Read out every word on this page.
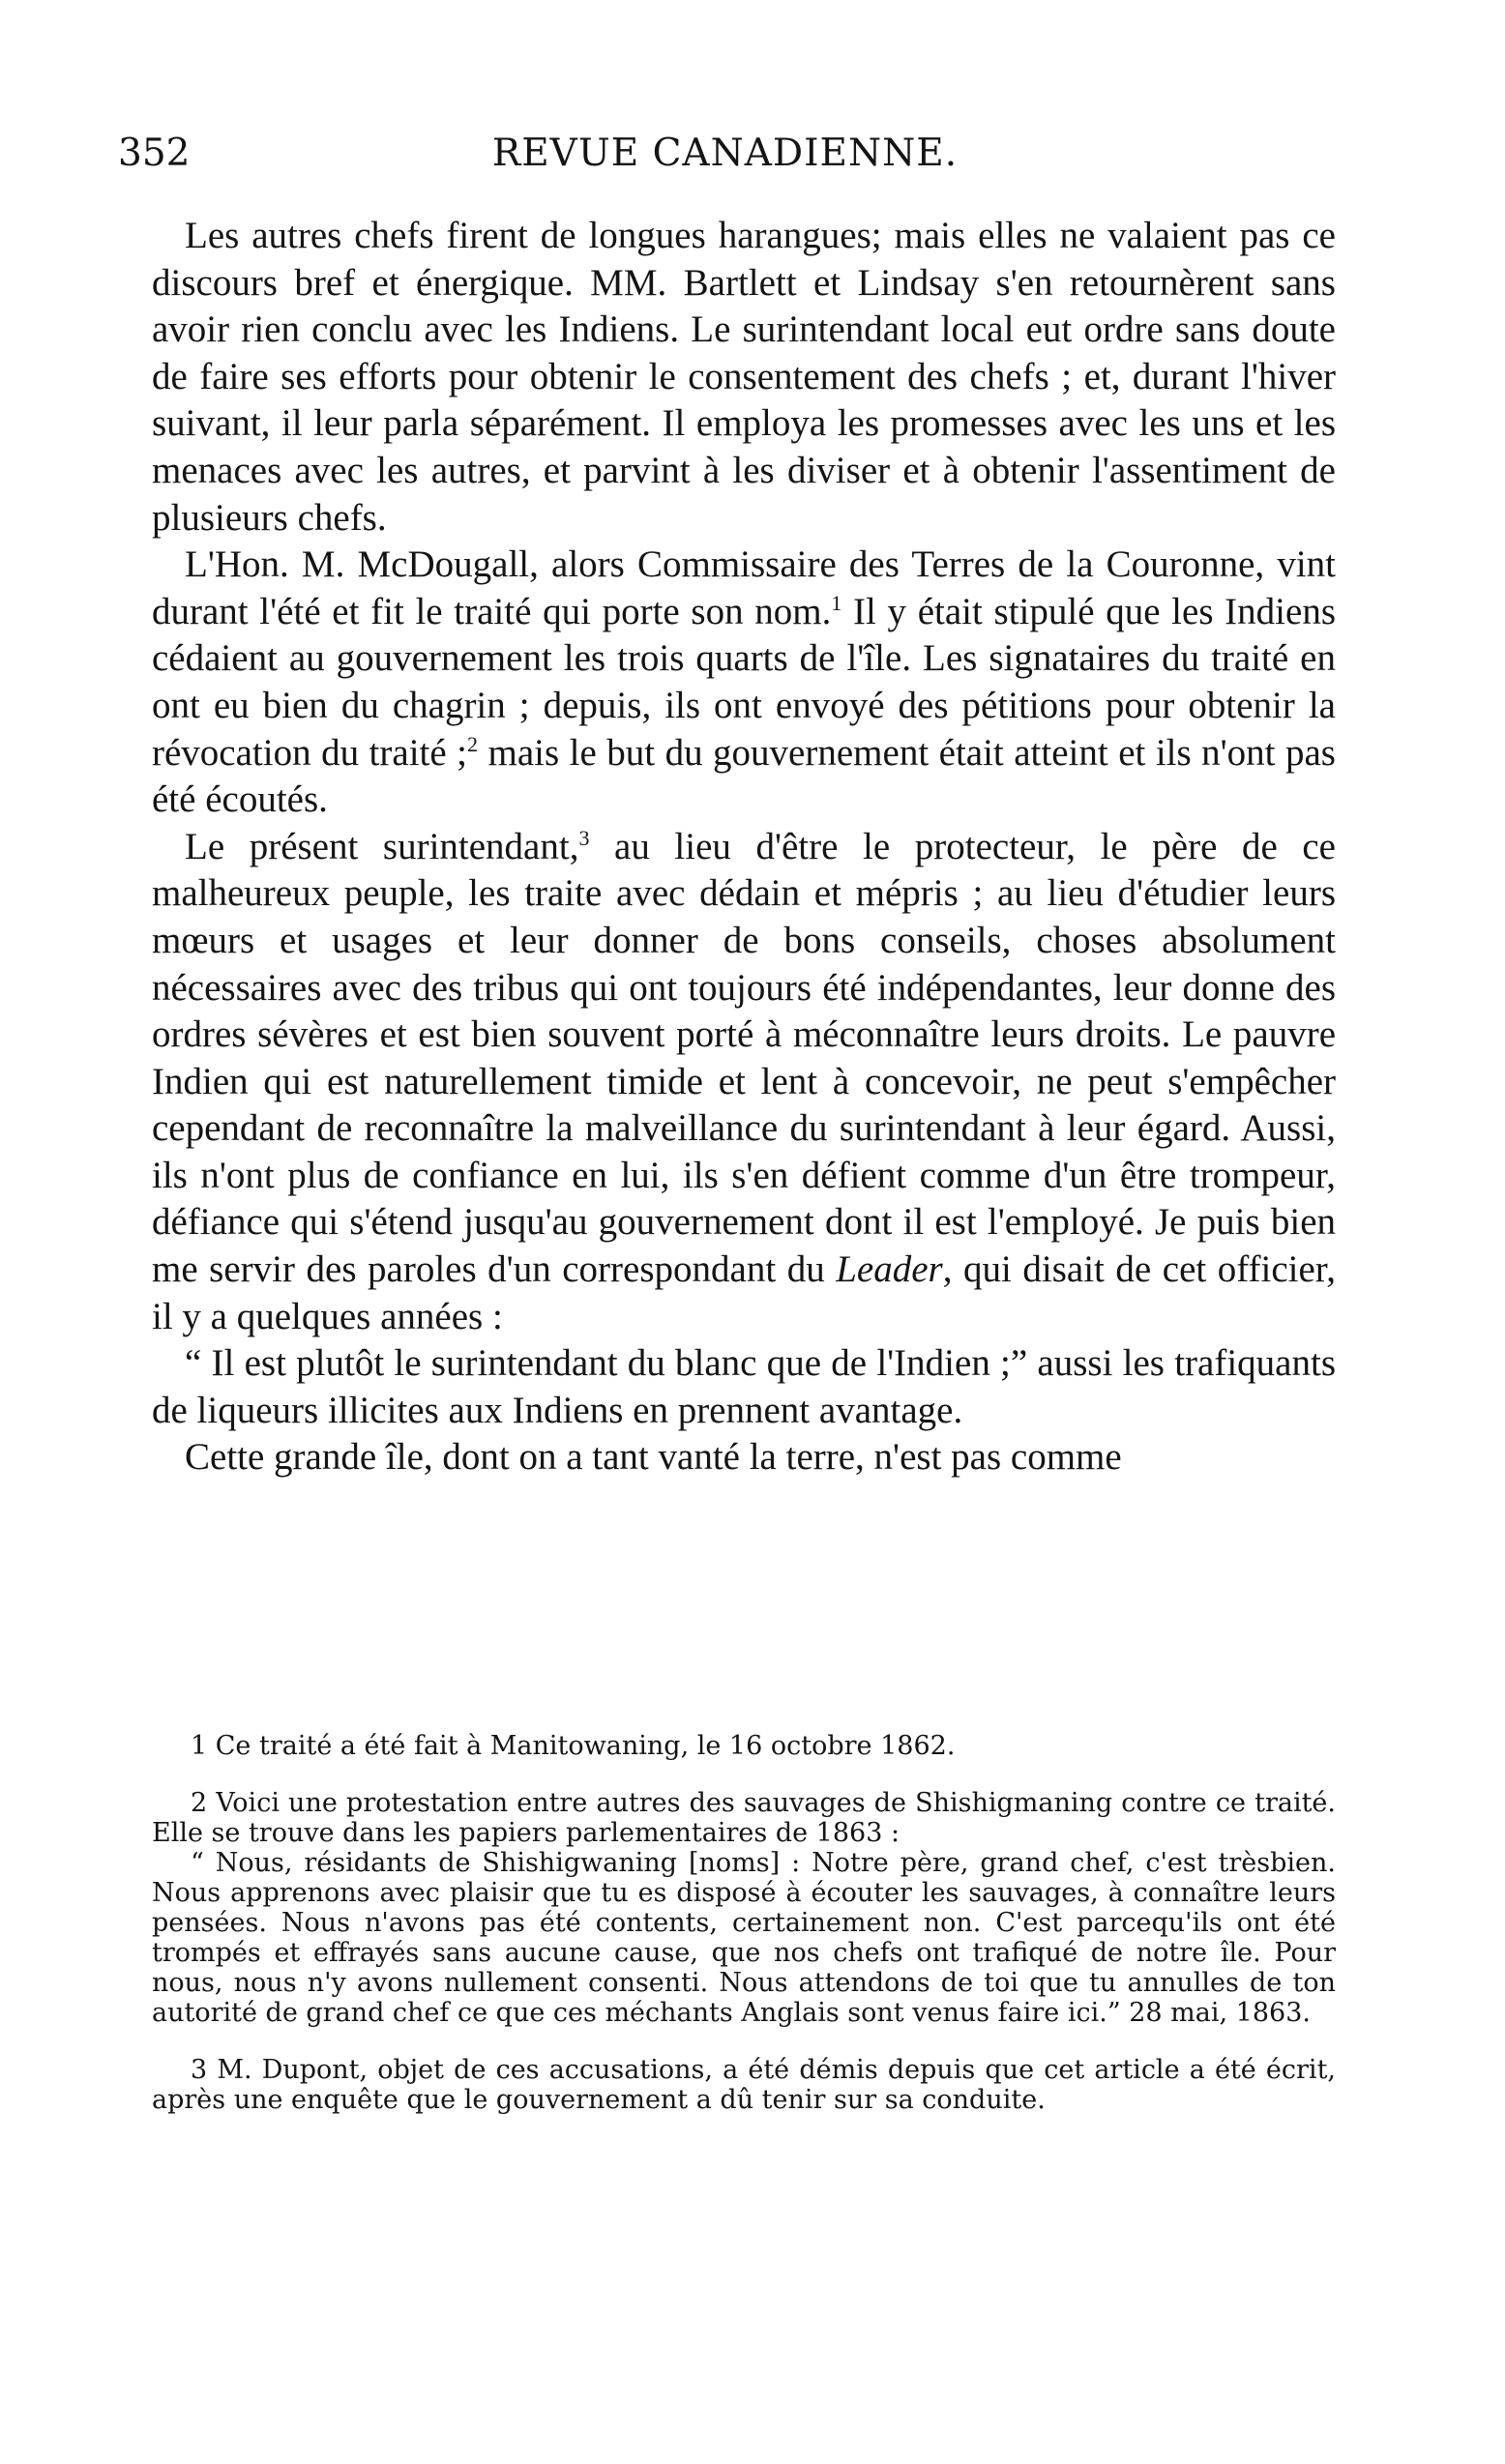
REVUE CANADIENNE.
352

Les autres chefs firent de longues harangues; mais elles ne valaient pas ce discours bref et énergique. MM. Bartlett et Lindsay s'en retournèrent sans avoir rien conclu avec les Indiens. Le surintendant local eut ordre sans doute de faire ses efforts pour obtenir le consentement des chefs ; et, durant l'hiver suivant, il leur parla séparément. Il employa les promesses avec les uns et les menaces avec les autres, et parvint à les diviser et à obtenir l'assentiment de plusieurs chefs.

L'Hon. M. McDougall, alors Commissaire des Terres de la Couronne, vint durant l'été et fit le traité qui porte son nom.$^1$ Il y était stipulé que les Indiens cédaient au gouvernement les trois quarts de l'île. Les signataires du traité en ont eu bien du chagrin ; depuis, ils ont envoyé des pétitions pour obtenir la révocation du traité ;$^2$ mais le but du gouvernement était atteint et ils n'ont pas été écoutés.

Le présent surintendant,$^3$ au lieu d'être le protecteur, le père de ce malheureux peuple, les traite avec dédain et mépris ; au lieu d'étudier leurs mœurs et usages et leur donner de bons conseils, choses absolument nécessaires avec des tribus qui ont toujours été indépendantes, leur donne des ordres sévères et est bien souvent porté à méconnaître leurs droits. Le pauvre Indien qui est naturellement timide et lent à concevoir, ne peut s'empêcher cependant de reconnaître la malveillance du surintendant à leur égard. Aussi, ils n'ont plus de confiance en lui, ils s'en défient comme d'un être trompeur, défiance qui s'étend jusqu'au gouvernement dont il est l'employé. Je puis bien me servir des paroles d'un correspondant du Leader, qui disait de cet officier, il y a quelques années :

“ Il est plutôt le surintendant du blanc que de l'Indien ;” aussi les trafiquants de liqueurs illicites aux Indiens en prennent avantage.

Cette grande île, dont on a tant vanté la terre, n'est pas comme

1 Ce traité a été fait à Manitowaning, le 16 octobre 1862.

2 Voici une protestation entre autres des sauvages de Shishigmaning contre ce traité. Elle se trouve dans les papiers parlementaires de 1863 :

“ Nous, résidants de Shishigwaning [noms] : Notre père, grand chef, c'est trèsbien. Nous apprenons avec plaisir que tu es disposé à écouter les sauvages, à connaître leurs pensées. Nous n'avons pas été contents, certainement non. C'est parcequ'ils ont été trompés et effrayés sans aucune cause, que nos chefs ont trafiqué de notre île. Pour nous, nous n'y avons nullement consenti. Nous attendons de toi que tu annulles de ton autorité de grand chef ce que ces méchants Anglais sont venus faire ici.” 28 mai, 1863.

3 M. Dupont, objet de ces accusations, a été démis depuis que cet article a été écrit, après une enquête que le gouvernement a dû tenir sur sa conduite.
